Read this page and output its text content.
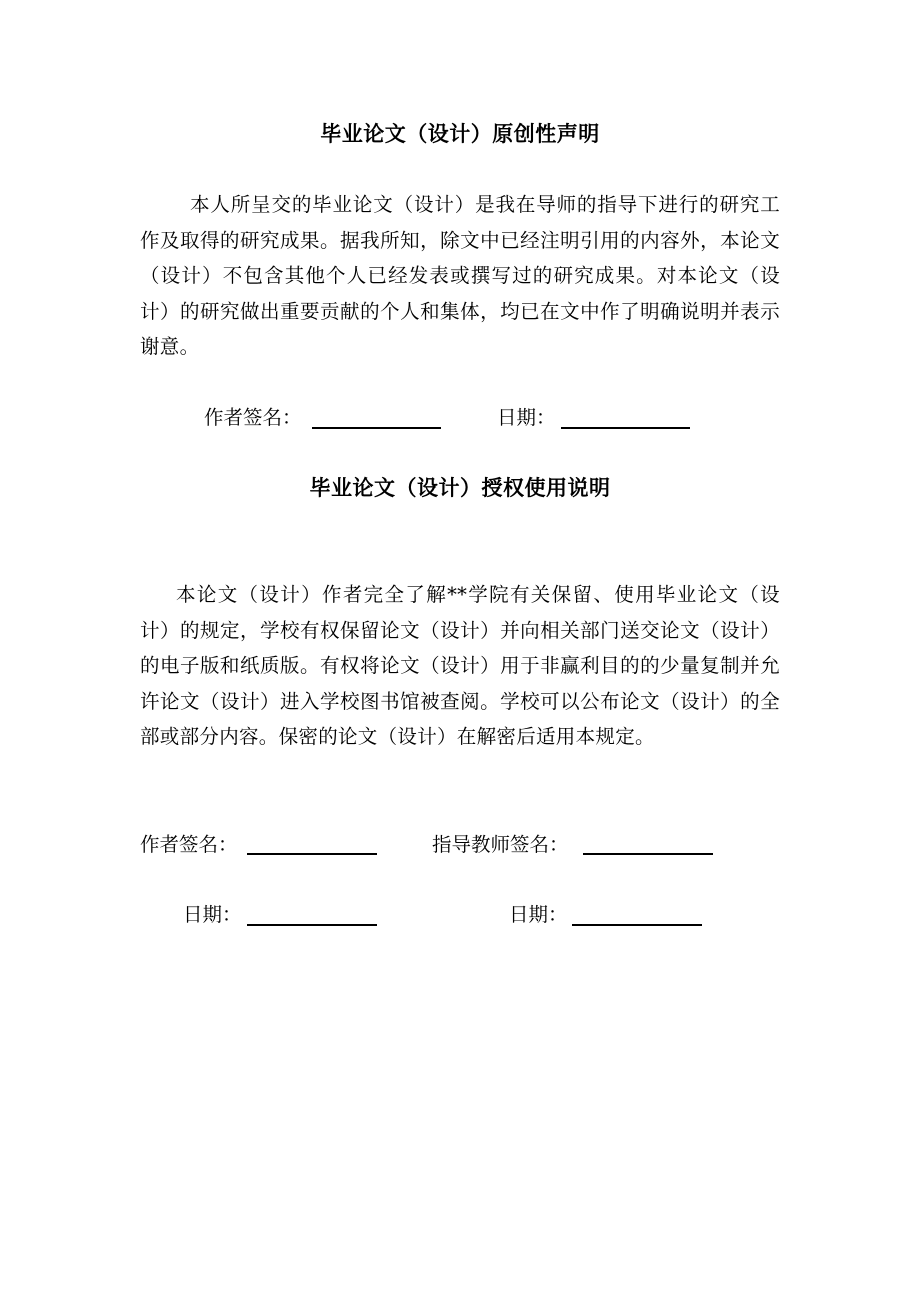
毕业论文（设计）原创性声明

本人所呈交的毕业论文（设计）是我在导师的指导下进行的研究工作及取得的研究成果。据我所知，除文中已经注明引用的内容外，本论文（设计）不包含其他个人已经发表或撰写过的研究成果。对本论文（设计）的研究做出重要贡献的个人和集体，均已在文中作了明确说明并表示谢意。

作者签名：	日期：
毕业论文（设计）授权使用说明

本论文（设计）作者完全了解**学院有关保留、使用毕业论文（设计）的规定，学校有权保留论文（设计）并向相关部门送交论文（设计）的电子版和纸质版。有权将论文（设计）用于非赢利目的的少量复制并允许论文（设计）进入学校图书馆被查阅。学校可以公布论文（设计）的全部或部分内容。保密的论文（设计）在解密后适用本规定。

作者签名：	指导教师签名：
日期：	日期：
